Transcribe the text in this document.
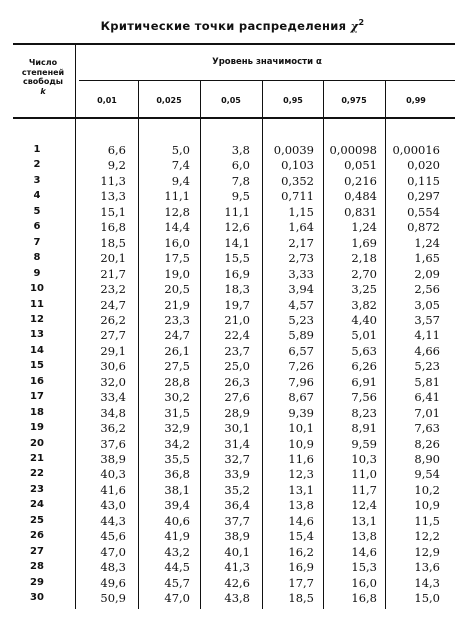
Критические точки распределения $\chi^2$
Число
степеней
свободы
k
Уровень значимости α
0,01	0,025	0,05	0,95	0,975	0,99
1	6,6	5,0	3,8	0,0039	0,00098	0,00016
2	9,2	7,4	6,0	0,103	0,051	0,020
3	11,3	9,4	7,8	0,352	0,216	0,115
4	13,3	11,1	9,5	0,711	0,484	0,297
5	15,1	12,8	11,1	1,15	0,831	0,554
6	16,8	14,4	12,6	1,64	1,24	0,872
7	18,5	16,0	14,1	2,17	1,69	1,24
8	20,1	17,5	15,5	2,73	2,18	1,65
9	21,7	19,0	16,9	3,33	2,70	2,09
10	23,2	20,5	18,3	3,94	3,25	2,56
11	24,7	21,9	19,7	4,57	3,82	3,05
12	26,2	23,3	21,0	5,23	4,40	3,57
13	27,7	24,7	22,4	5,89	5,01	4,11
14	29,1	26,1	23,7	6,57	5,63	4,66
15	30,6	27,5	25,0	7,26	6,26	5,23
16	32,0	28,8	26,3	7,96	6,91	5,81
17	33,4	30,2	27,6	8,67	7,56	6,41
18	34,8	31,5	28,9	9,39	8,23	7,01
19	36,2	32,9	30,1	10,1	8,91	7,63
20	37,6	34,2	31,4	10,9	9,59	8,26
21	38,9	35,5	32,7	11,6	10,3	8,90
22	40,3	36,8	33,9	12,3	11,0	9,54
23	41,6	38,1	35,2	13,1	11,7	10,2
24	43,0	39,4	36,4	13,8	12,4	10,9
25	44,3	40,6	37,7	14,6	13,1	11,5
26	45,6	41,9	38,9	15,4	13,8	12,2
27	47,0	43,2	40,1	16,2	14,6	12,9
28	48,3	44,5	41,3	16,9	15,3	13,6
29	49,6	45,7	42,6	17,7	16,0	14,3
30	50,9	47,0	43,8	18,5	16,8	15,0
